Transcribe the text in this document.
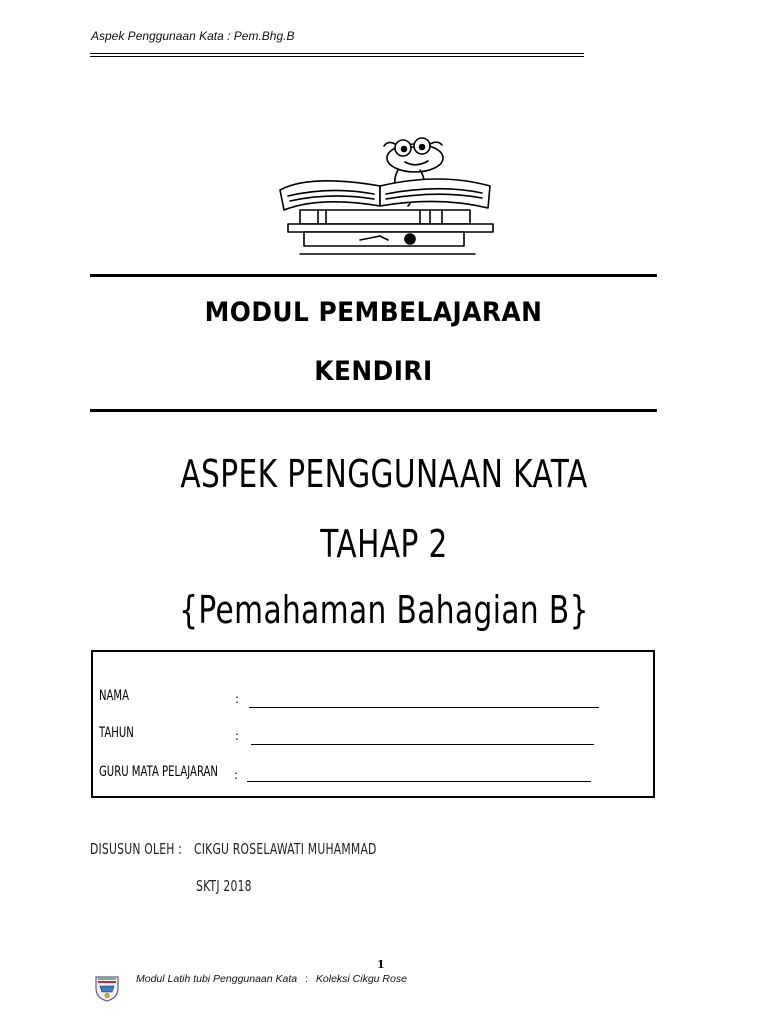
Aspek Penggunaan Kata : Pem.Bhg.B
MODUL PEMBELAJARAN
KENDIRI
ASPEK PENGGUNAAN KATA
TAHAP 2
{Pemahaman Bahagian B}
NAMA	:
TAHUN	:
GURU MATA PELAJARAN :
DISUSUN OLEH : CIKGU ROSELAWATI MUHAMMAD
SKTJ 2018
1
Modul Latih tubi Penggunaan Kata : Koleksi Cikgu Rose
